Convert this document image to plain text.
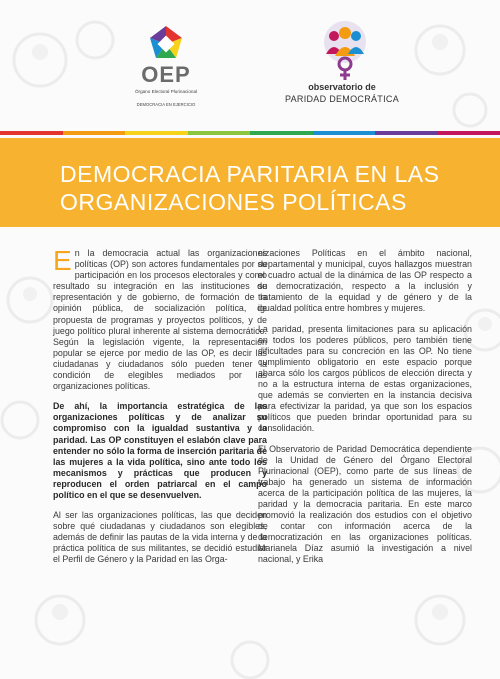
OEP
Órgano Electoral Plurinacional
DEMOCRACIA EN EJERCICIO
observatorio de
PARIDAD DEMOCRÁTICA
DEMOCRACIA PARITARIA EN LAS
ORGANIZACIONES POLÍTICAS

En la democracia actual las organizaciones políticas (OP) son actores fundamentales por su participación en los procesos electorales y como resultado su integración en las instituciones de representación y de gobierno, de formación de la opinión pública, de socialización política, de propuesta de programas y proyectos políticos, y de juego político plural inherente al sistema democrático. Según la legislación vigente, la representación popular se ejerce por medio de las OP, es decir las ciudadanas y ciudadanos sólo pueden tener la condición de elegibles mediados por las organizaciones políticas.

De ahí, la importancia estratégica de las organizaciones políticas y de analizar su compromiso con la igualdad sustantiva y la paridad. Las OP constituyen el eslabón clave para entender no sólo la forma de inserción paritaria de las mujeres a la vida política, sino ante todo los mecanismos y prácticas que producen y reproducen el orden patriarcal en el campo político en el que se desenvuelven.

Al ser las organizaciones políticas, las que deciden sobre qué ciudadanas y ciudadanos son elegibles, además de definir las pautas de la vida interna y de la práctica política de sus militantes, se decidió estudiar el Perfil de Género y la Paridad en las Orga-

nizaciones Políticas en el ámbito nacional, departamental y municipal, cuyos hallazgos muestran el cuadro actual de la dinámica de las OP respecto a su democratización, respecto a la inclusión y tratamiento de la equidad y de género y de la igualdad política entre hombres y mujeres.

La paridad, presenta limitaciones para su aplicación en todos los poderes públicos, pero también tiene dificultades para su concreción en las OP. No tiene cumplimiento obligatorio en este espacio porque abarca sólo los cargos públicos de elección directa y no a la estructura interna de estas organizaciones, que además se convierten en la instancia decisiva para efectivizar la paridad, ya que son los espacios políticos que pueden brindar oportunidad para su consolidación.

El Observatorio de Paridad Democrática dependiente de la Unidad de Género del Órgano Electoral Plurinacional (OEP), como parte de sus líneas de trabajo ha generado un sistema de información acerca de la participación política de las mujeres, la paridad y la democracia paritaria. En este marco promovió la realización dos estudios con el objetivo de contar con información acerca de la democratización en las organizaciones políticas. Marianela Díaz asumió la investigación a nivel nacional, y Erika
